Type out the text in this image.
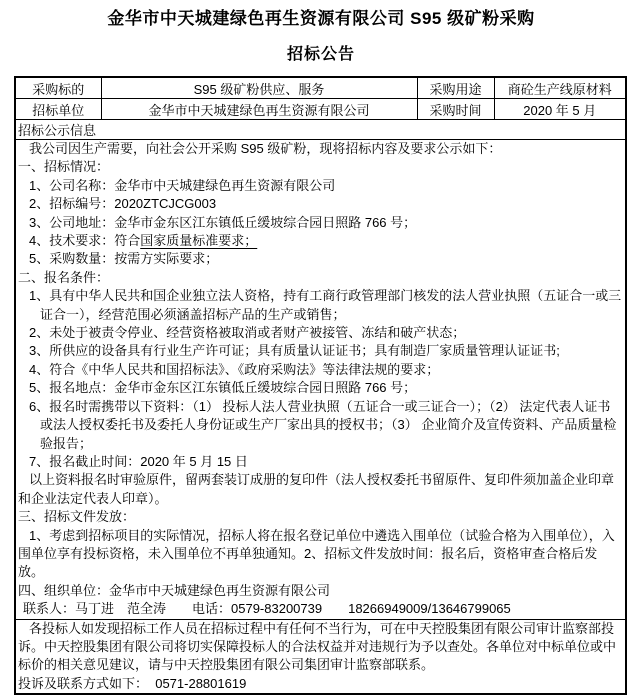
金华市中天城建绿色再生资源有限公司 S95 级矿粉采购
招标公告
采购标的	S95 级矿粉供应、服务	采购用途	商砼生产线原材料
招标单位	金华市中天城建绿色再生资源有限公司	采购时间	2020 年 5 月
招标公示信息			

我公司因生产需要，向社会公开采购 S95 级矿粉，现将招标内容及要求公示如下：
一、招标情况：
1、公司名称：金华市中天城建绿色再生资源有限公司
2、招标编号：2020ZTCJCG003
3、公司地址：金华市金东区江东镇低丘缓坡综合园日照路 766 号；
4、技术要求：符合国家质量标准要求；
5、采购数量：按需方实际要求；
二、报名条件：
1、具有中华人民共和国企业独立法人资格，持有工商行政管理部门核发的法人营业执照（五证合一或三证合一），经营范围必须涵盖招标产品的生产或销售；
2、未处于被责令停业、经营资格被取消或者财产被接管、冻结和破产状态；
3、所供应的设备具有行业生产许可证；具有质量认证证书；具有制造厂家质量管理认证证书;
4、符合《中华人民共和国招标法》、《政府采购法》等法律法规的要求；
5、报名地点：金华市金东区江东镇低丘缓坡综合园日照路 766 号；
6、报名时需携带以下资料：（1） 投标人法人营业执照（五证合一或三证合一）；（2） 法定代表人证书或法人授权委托书及委托人身份证或生产厂家出具的授权书；（3） 企业简介及宣传资料、产品质量检验报告；
7、报名截止时间：2020 年 5 月 15 日
以上资料报名时审验原件，留两套装订成册的复印件（法人授权委托书留原件、复印件须加盖企业印章和企业法定代表人印章）。
三、招标文件发放：
1、考虑到招标项目的实际情况，招标人将在报名登记单位中遴选入围单位（试验合格为入围单位），入围单位享有投标资格，未入围单位不再单独通知。2、招标文件发放时间：报名后，资格审查合格后发放。
四、组织单位：金华市中天城建绿色再生资源有限公司
联系人：马丁进　范全涛　　电话：0579-83200739　　18266949009/13646799065

各投标人如发现招标工作人员在招标过程中有任何不当行为，可在中天控股集团有限公司审计监察部投诉。中天控股集团有限公司将切实保障投标人的合法权益并对违规行为予以查处。各单位对中标单位或中标价的相关意见建议，请与中天控股集团有限公司集团审计监察部联系。
投诉及联系方式如下：  0571-28801619			
